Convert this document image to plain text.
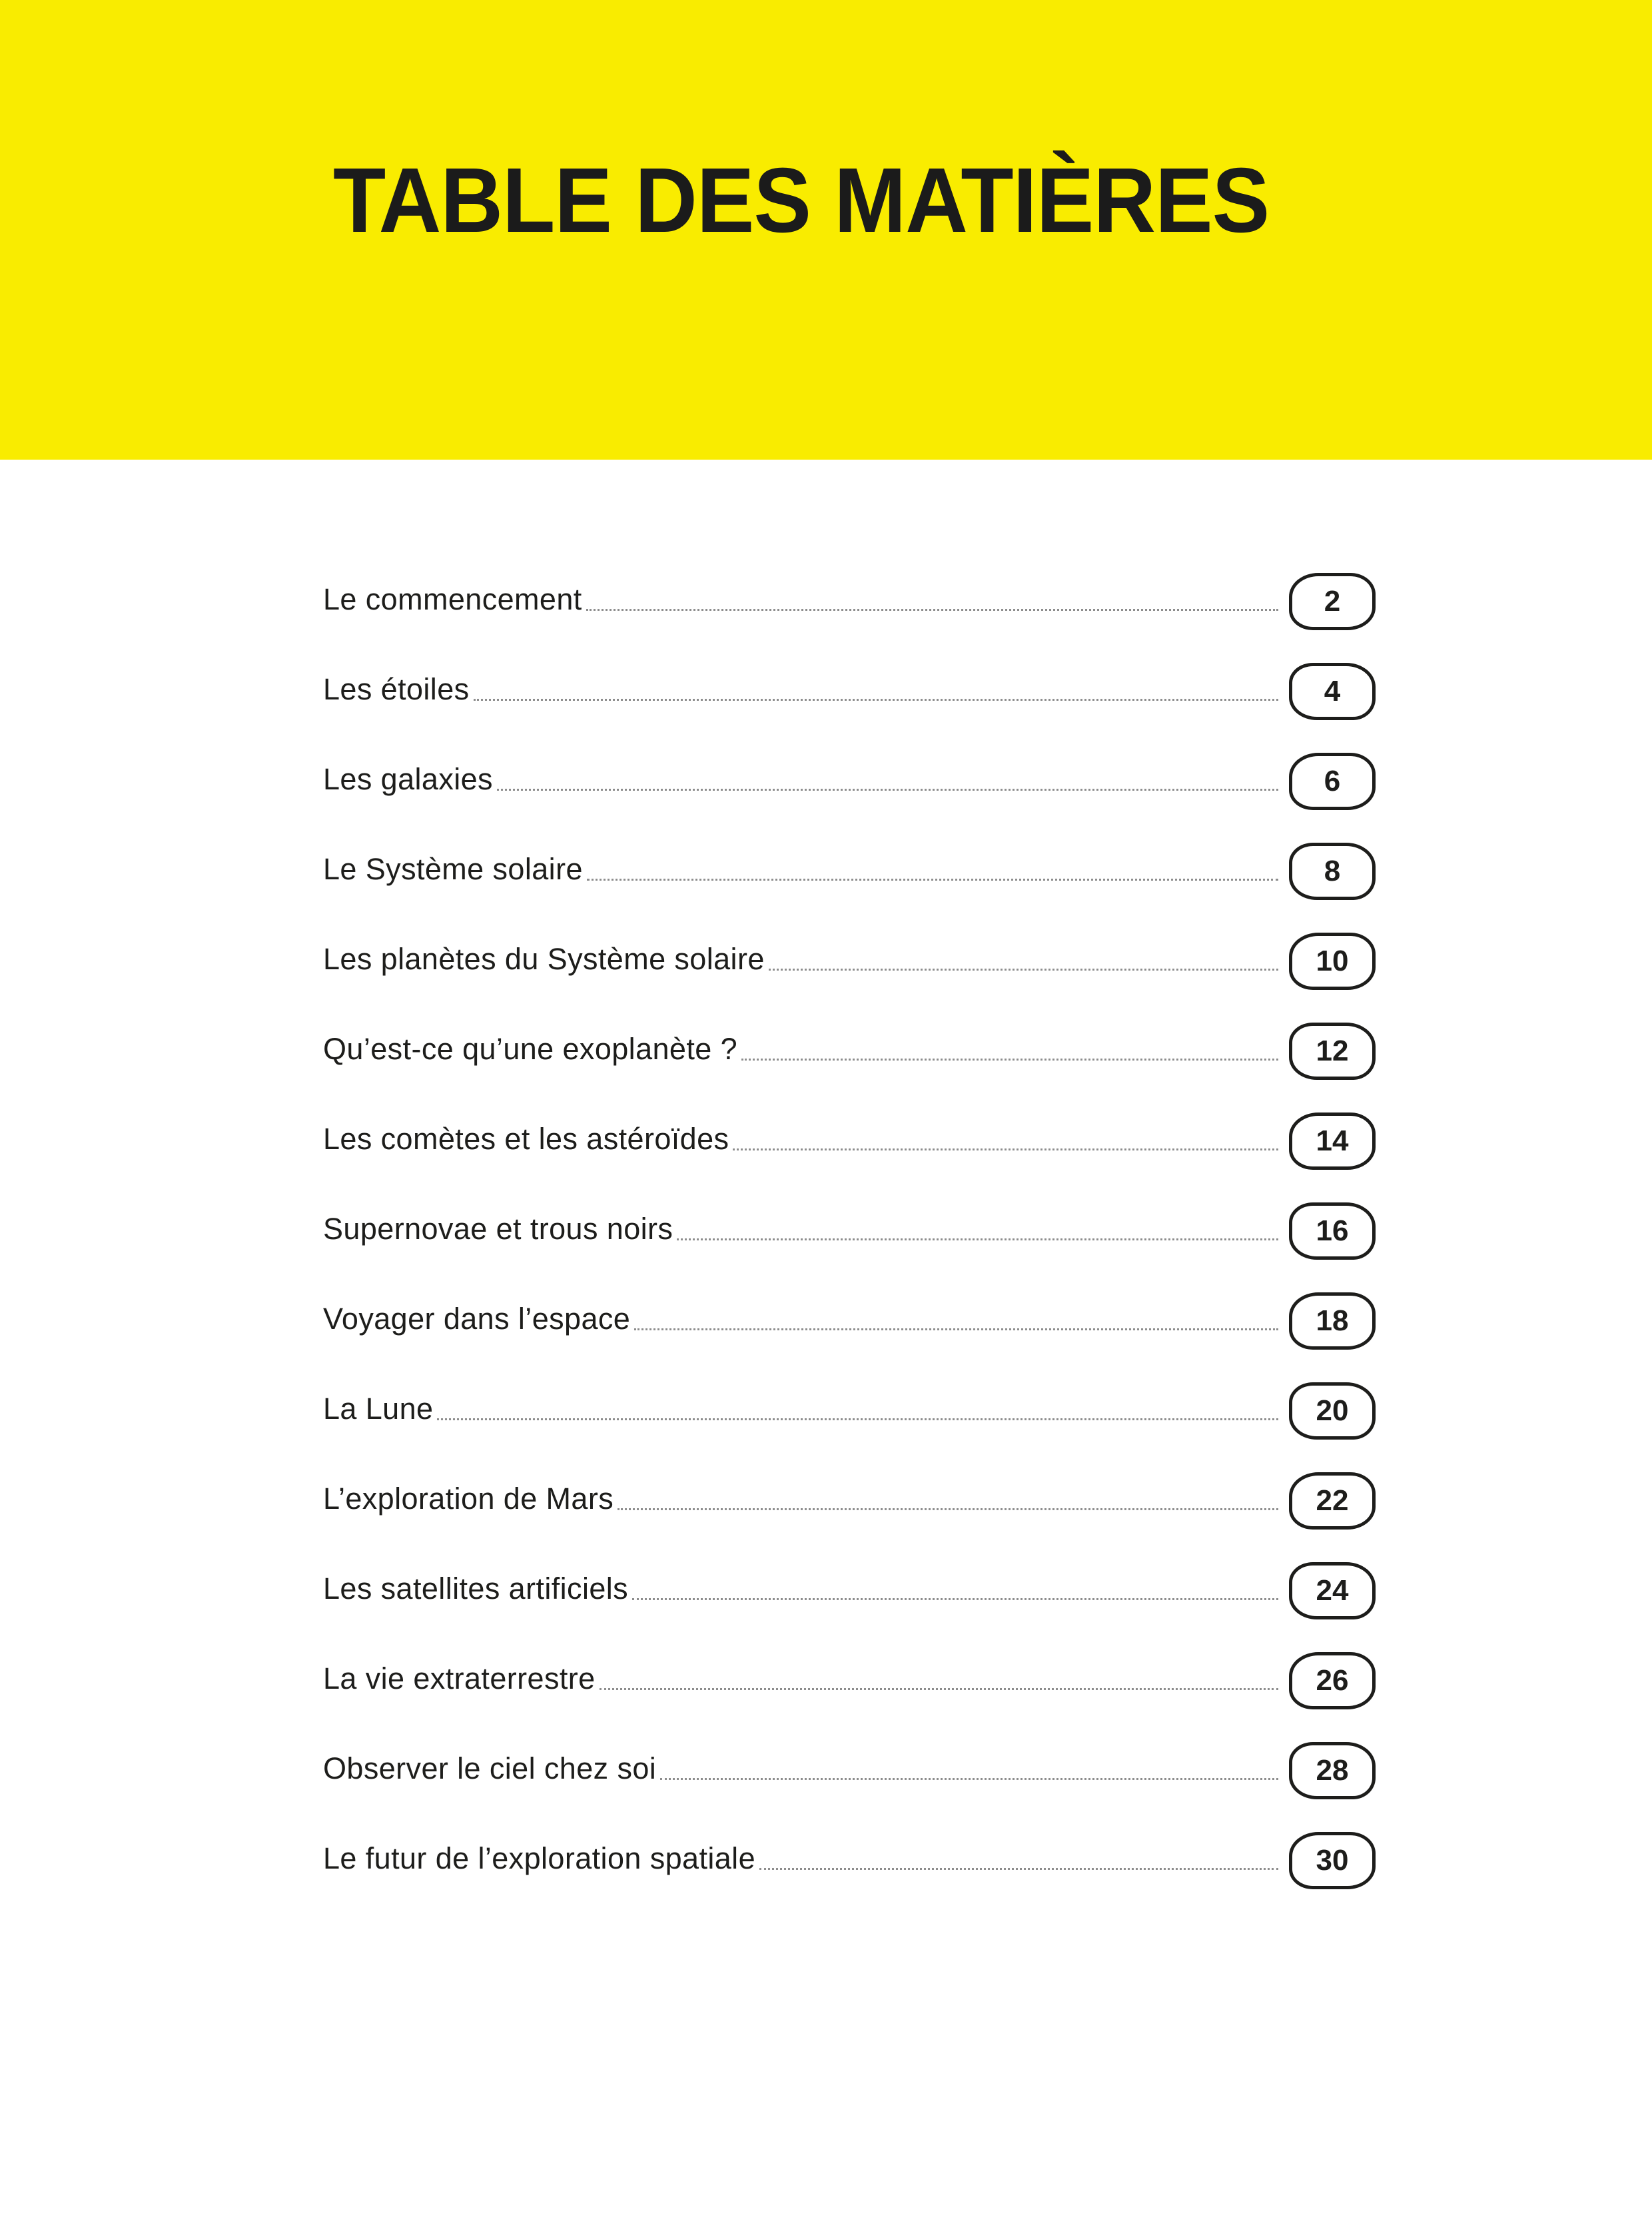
TABLE DES MATIÈRES
Le commencement	2
Les étoiles	4
Les galaxies	6
Le Système solaire	8
Les planètes du Système solaire	10
Qu’est-ce qu’une exoplanète ?	12
Les comètes et les astéroïdes	14
Supernovae et trous noirs	16
Voyager dans l’espace	18
La Lune	20
L’exploration de Mars	22
Les satellites artificiels	24
La vie extraterrestre	26
Observer le ciel chez soi	28
Le futur de l’exploration spatiale	30
